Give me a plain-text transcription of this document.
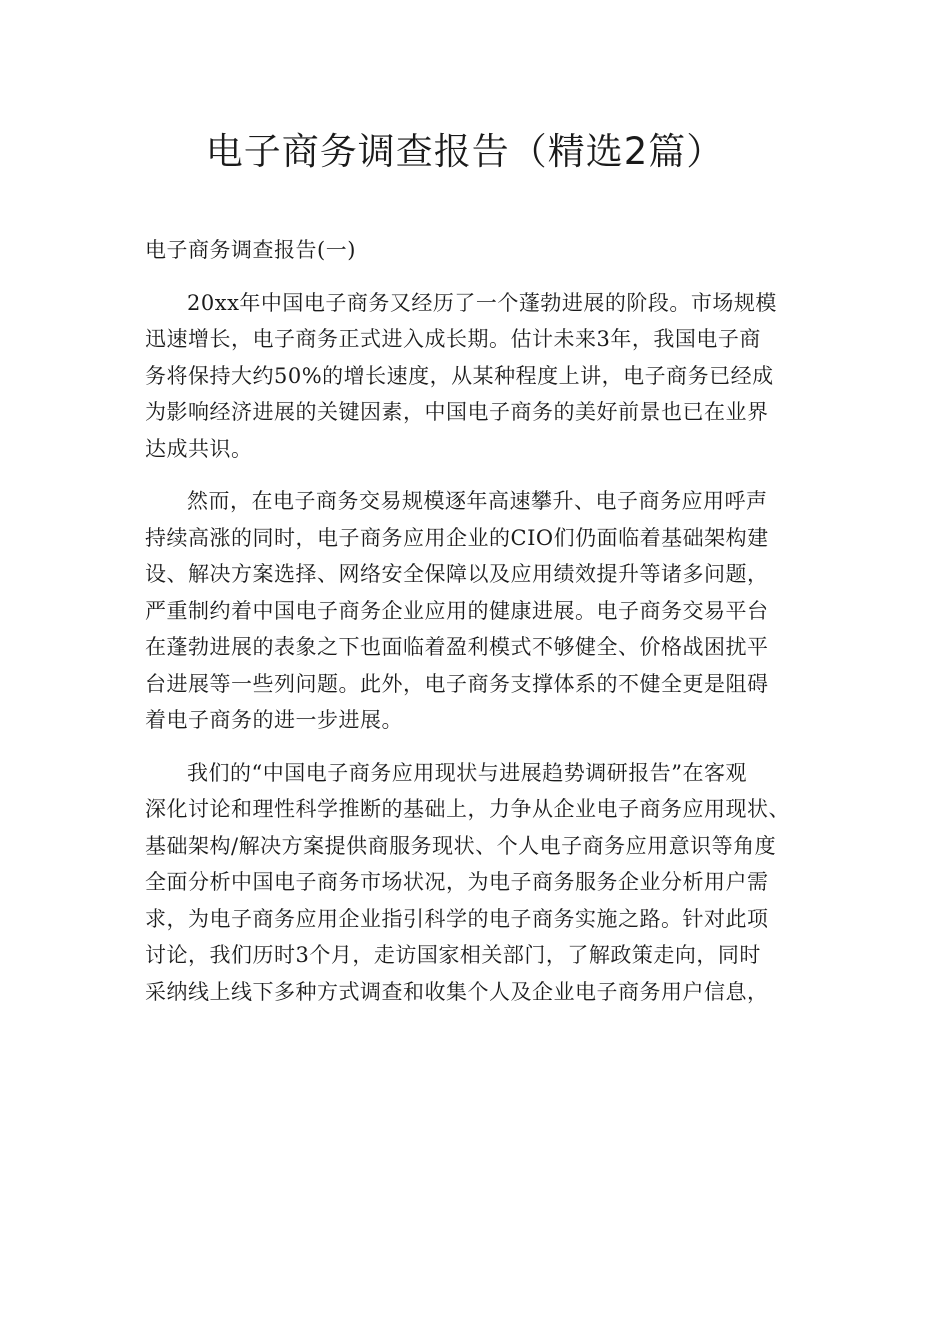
电子商务调查报告（精选2篇）
电子商务调查报告(一)
20xx年中国电子商务又经历了一个蓬勃进展的阶段。市场规模
迅速增长，电子商务正式进入成长期。估计未来3年，我国电子商
务将保持大约50%的增长速度，从某种程度上讲，电子商务已经成
为影响经济进展的关键因素，中国电子商务的美好前景也已在业界
达成共识。
然而，在电子商务交易规模逐年高速攀升、电子商务应用呼声
持续高涨的同时，电子商务应用企业的CIO们仍面临着基础架构建
设、解决方案选择、网络安全保障以及应用绩效提升等诸多问题，
严重制约着中国电子商务企业应用的健康进展。电子商务交易平台
在蓬勃进展的表象之下也面临着盈利模式不够健全、价格战困扰平
台进展等一些列问题。此外，电子商务支撑体系的不健全更是阻碍
着电子商务的进一步进展。
我们的“中国电子商务应用现状与进展趋势调研报告”在客观
深化讨论和理性科学推断的基础上，力争从企业电子商务应用现状、
基础架构/解决方案提供商服务现状、个人电子商务应用意识等角度
全面分析中国电子商务市场状况，为电子商务服务企业分析用户需
求，为电子商务应用企业指引科学的电子商务实施之路。针对此项
讨论，我们历时3个月，走访国家相关部门，了解政策走向，同时
采纳线上线下多种方式调查和收集个人及企业电子商务用户信息，
